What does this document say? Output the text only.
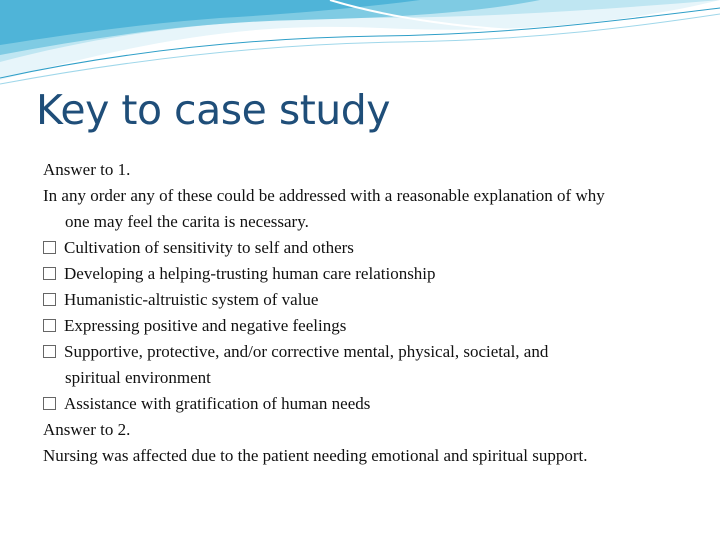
Key to case study
Answer to 1.
In any order any of these could be addressed with a reasonable explanation of why
one may feel the carita is necessary.
Cultivation of sensitivity to self and others
Developing a helping-trusting human care relationship
Humanistic-altruistic system of value
Expressing positive and negative feelings
Supportive, protective, and/or corrective mental, physical, societal, and
spiritual environment
Assistance with gratification of human needs
Answer to 2.
Nursing was affected due to the patient needing emotional and spiritual support.
